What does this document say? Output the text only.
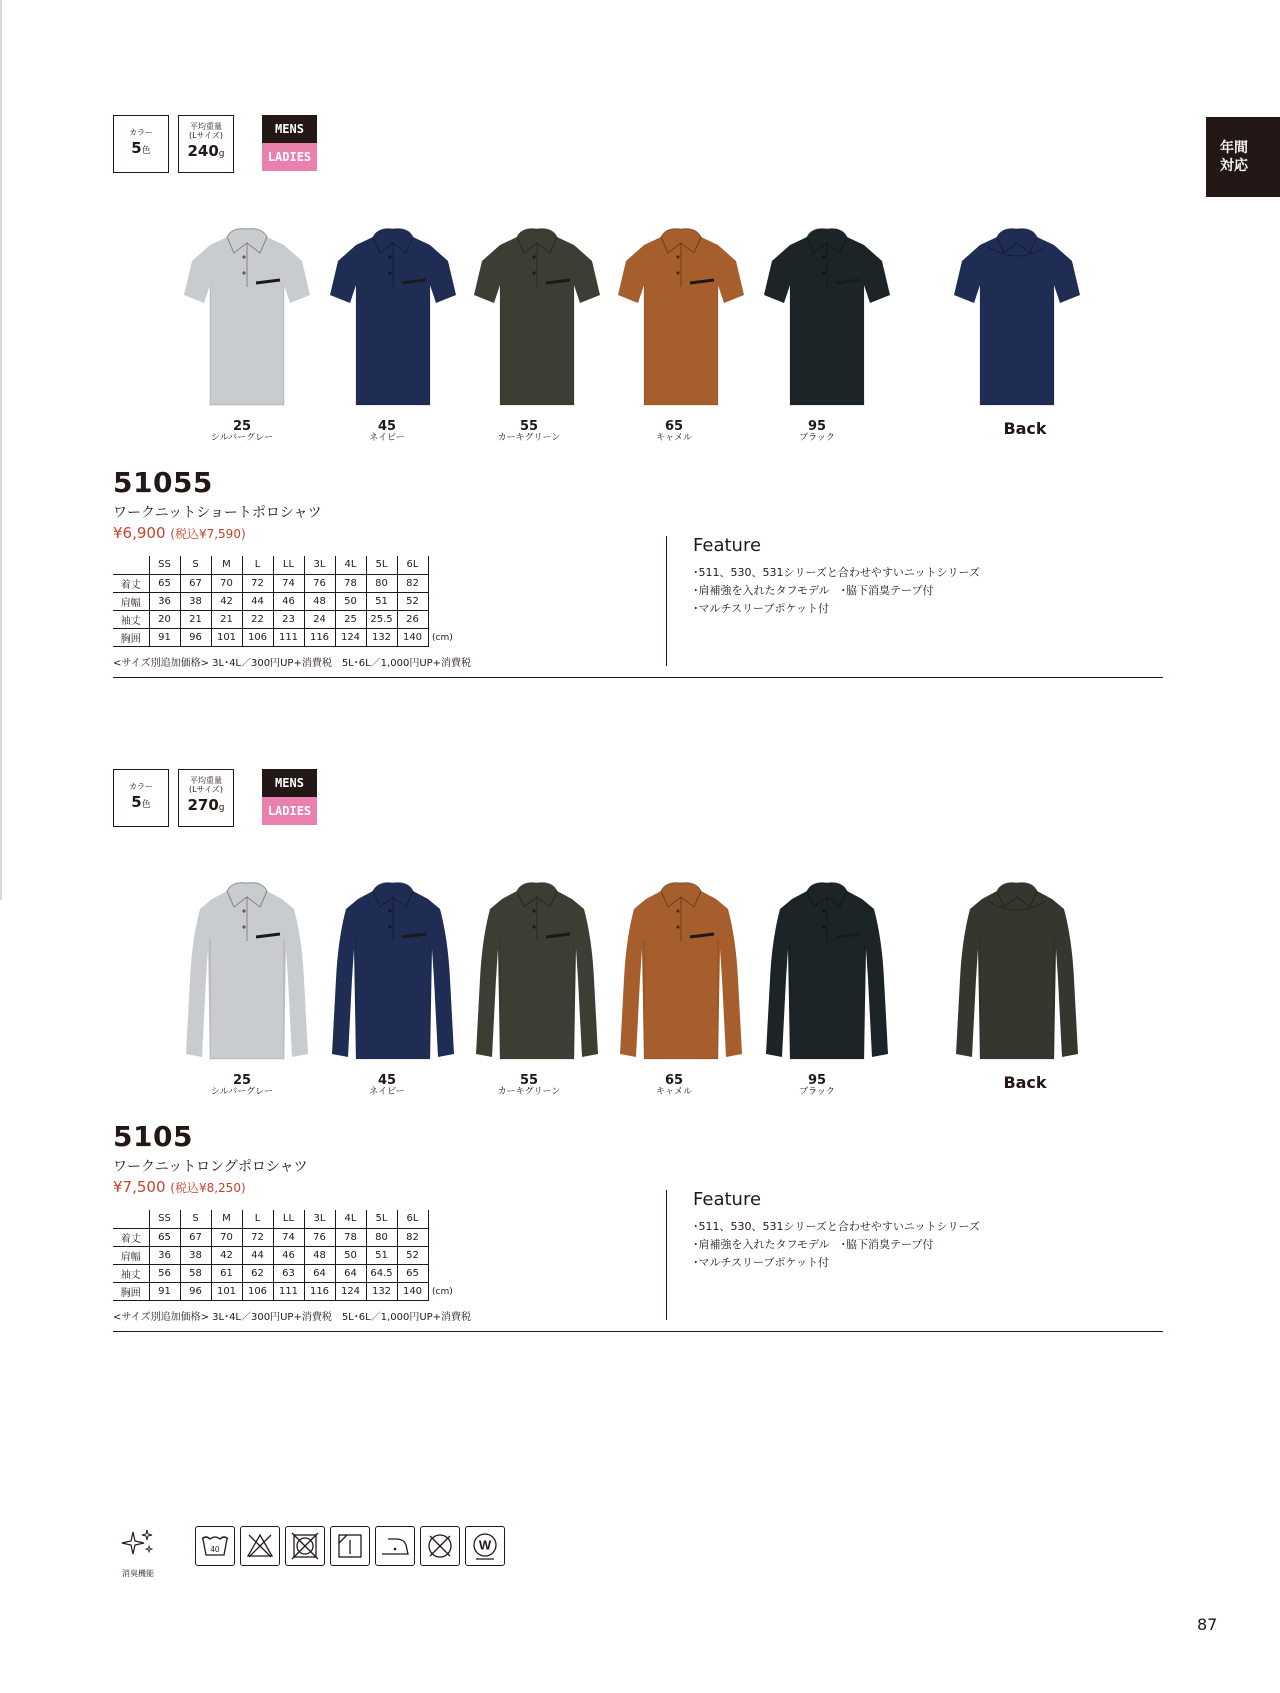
年間
対応
カラー
5色
平均重量
(Lサイズ)
240g
MENS
LADIES
25
シルバーグレー
45
ネイビー
55
カーキグリーン
65
キャメル
95
ブラック	Back
51055
ワークニットショートポロシャツ
¥6,900 (税込¥7,590)
	SS	S	M	L	LL	3L	4L	5L	6L
着丈	65	67	70	72	74	76	78	80	82
肩幅	36	38	42	44	46	48	50	51	52
袖丈	20	21	21	22	23	24	25	25.5	26
胸囲	91	96	101	106	111	116	124	132	140 (cm)
<サイズ別追加価格> 3L･4L／300円UP+消費税　5L･6L／1,000円UP+消費税
Feature
･511、530、531シリーズと合わせやすいニットシリーズ
･肩補強を入れたタフモデル　･脇下消臭テープ付
･マルチスリーブポケット付
カラー
5色
平均重量
(Lサイズ)
270g
MENS
LADIES
25
シルバーグレー
45
ネイビー
55
カーキグリーン
65
キャメル
95
ブラック	Back
5105
ワークニットロングポロシャツ
¥7,500 (税込¥8,250)
	SS	S	M	L	LL	3L	4L	5L	6L
着丈	65	67	70	72	74	76	78	80	82
肩幅	36	38	42	44	46	48	50	51	52
袖丈	56	58	61	62	63	64	64	64.5	65
胸囲	91	96	101	106	111	116	124	132	140 (cm)
<サイズ別追加価格> 3L･4L／300円UP+消費税　5L･6L／1,000円UP+消費税
Feature
･511、530、531シリーズと合わせやすいニットシリーズ
･肩補強を入れたタフモデル　･脇下消臭テープ付
･マルチスリーブポケット付
消臭機能
40	W
87
